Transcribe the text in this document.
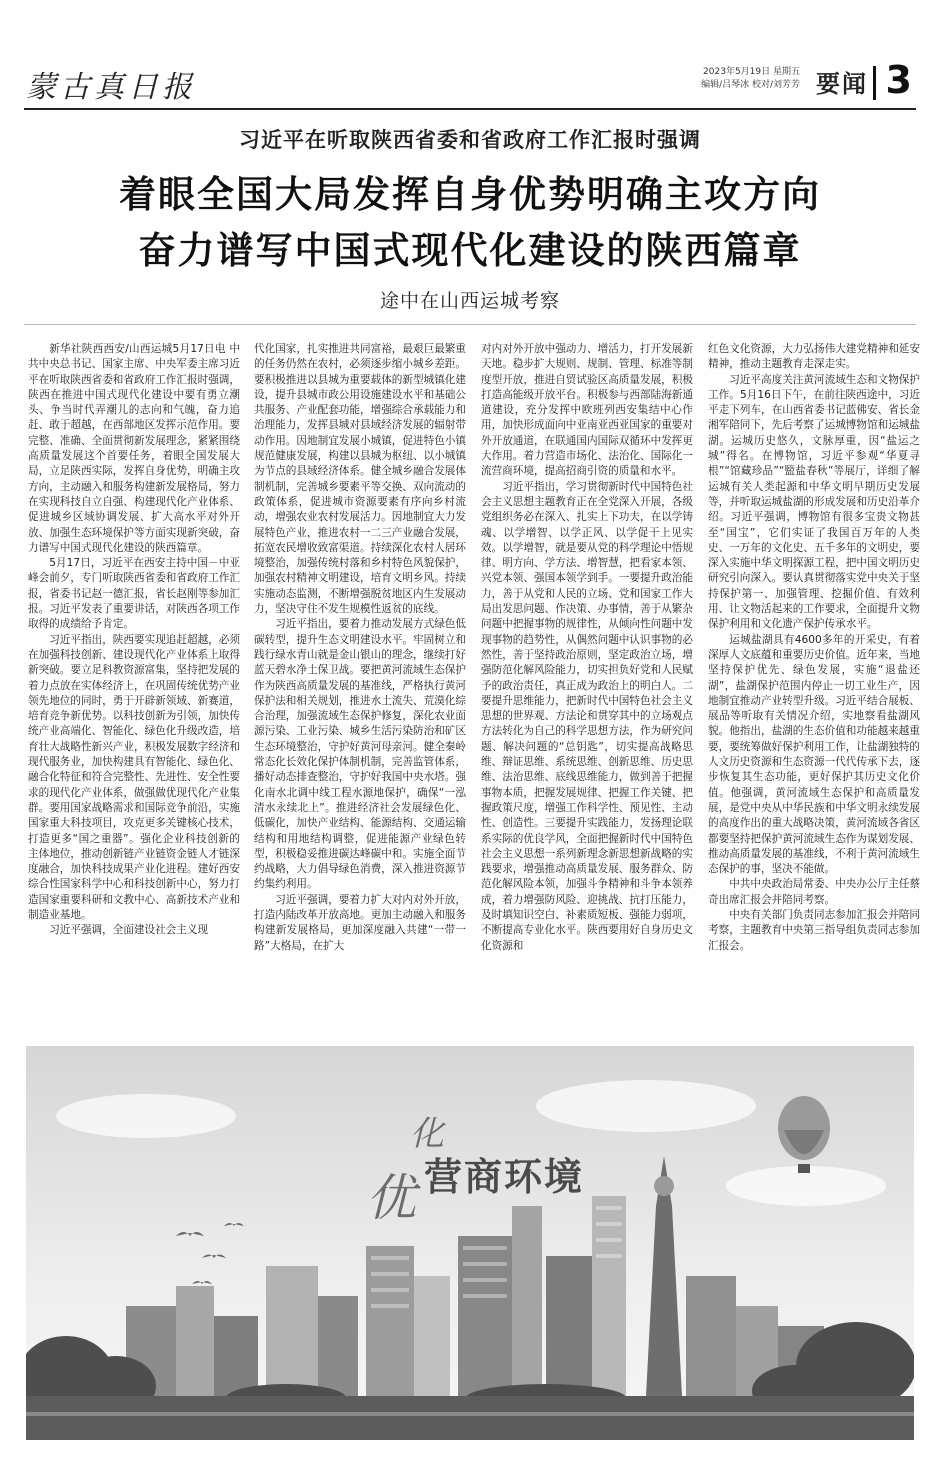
蒙古真日报	2023年5月19日 星期五
编辑/吕琴冰 校对/刘芳芳 要闻 3
习近平在听取陕西省委和省政府工作汇报时强调
着眼全国大局发挥自身优势明确主攻方向
奋力谱写中国式现代化建设的陕西篇章
途中在山西运城考察

新华社陕西西安/山西运城5月17日电 中共中央总书记、国家主席、中央军委主席习近平在听取陕西省委和省政府工作汇报时强调，陕西在推进中国式现代化建设中要有勇立潮头、争当时代弄潮儿的志向和气魄，奋力追赶、敢于超越，在西部地区发挥示范作用。要完整、准确、全面贯彻新发展理念，紧紧围绕高质量发展这个首要任务，着眼全国发展大局，立足陕西实际，发挥自身优势，明确主攻方向，主动融入和服务构建新发展格局，努力在实现科技自立自强、构建现代化产业体系、促进城乡区域协调发展、扩大高水平对外开放、加强生态环境保护等方面实现新突破，奋力谱写中国式现代化建设的陕西篇章。

5月17日，习近平在西安主持中国－中亚峰会前夕，专门听取陕西省委和省政府工作汇报，省委书记赵一德汇报，省长赵刚等参加汇报。习近平发表了重要讲话，对陕西各项工作取得的成绩给予肯定。

习近平指出，陕西要实现追赶超越，必须在加强科技创新、建设现代化产业体系上取得新突破。要立足科教资源富集，坚持把发展的着力点放在实体经济上，在巩固传统优势产业领先地位的同时，勇于开辟新领域、新赛道，培育竞争新优势。以科技创新为引领，加快传统产业高端化、智能化、绿色化升级改造，培育壮大战略性新兴产业，积极发展数字经济和现代服务业，加快构建具有智能化、绿色化、融合化特征和符合完整性、先进性、安全性要求的现代化产业体系，做强做优现代化产业集群。要用国家战略需求和国际竞争前沿，实施国家重大科技项目，攻克更多关键核心技术，打造更多“国之重器”。强化企业科技创新的主体地位，推动创新链产业链资金链人才链深度融合，加快科技成果产业化进程。建好西安综合性国家科学中心和科技创新中心，努力打造国家重要科研和文教中心、高新技术产业和制造业基地。

习近平强调，全面建设社会主义现

代化国家，扎实推进共同富裕，最艰巨最繁重的任务仍然在农村，必须逐步缩小城乡差距。要积极推进以县城为重要载体的新型城镇化建设，提升县城市政公用设施建设水平和基础公共服务、产业配套功能，增强综合承载能力和治理能力，发挥县城对县域经济发展的辐射带动作用。因地制宜发展小城镇，促进特色小镇规范健康发展，构建以县城为枢纽、以小城镇为节点的县域经济体系。健全城乡融合发展体制机制，完善城乡要素平等交换、双向流动的政策体系，促进城市资源要素有序向乡村流动，增强农业农村发展活力。因地制宜大力发展特色产业，推进农村一二三产业融合发展，拓宽农民增收致富渠道。持续深化农村人居环境整治，加强传统村落和乡村特色风貌保护，加强农村精神文明建设，培育文明乡风。持续实施动态监测，不断增强脱贫地区内生发展动力，坚决守住不发生规模性返贫的底线。

习近平指出，要着力推动发展方式绿色低碳转型，提升生态文明建设水平。牢固树立和践行绿水青山就是金山银山的理念，继续打好蓝天碧水净土保卫战。要把黄河流域生态保护作为陕西高质量发展的基准线，严格执行黄河保护法和相关规划，推进水土流失、荒漠化综合治理，加强流域生态保护修复，深化农业面源污染、工业污染、城乡生活污染防治和矿区生态环境整治，守护好黄河母亲河。健全秦岭常态化长效化保护体制机制，完善监管体系，播好动态排查整治，守护好我国中央水塔。强化南水北调中线工程水源地保护，确保“一泓清水永续北上”。推进经济社会发展绿色化、低碳化，加快产业结构、能源结构、交通运输结构和用地结构调整，促进能源产业绿色转型，积极稳妥推进碳达峰碳中和。实施全面节约战略，大力倡导绿色消费，深入推进资源节约集约利用。

习近平强调，要着力扩大对内对外开放，打造内陆改革开放高地。更加主动融入和服务构建新发展格局，更加深度融入共建“一带一路”大格局，在扩大

对内对外开放中强动力、增活力，打开发展新天地。稳步扩大规则、规制、管理、标准等制度型开放，推进自贸试验区高质量发展，积极打造高能级开放平台。积极参与西部陆海新通道建设，充分发挥中欧班列西安集结中心作用，加快形成面向中亚南亚西亚国家的重要对外开放通道，在联通国内国际双循环中发挥更大作用。着力营造市场化、法治化、国际化一流营商环境，提高招商引资的质量和水平。

习近平指出，学习贯彻新时代中国特色社会主义思想主题教育正在全党深入开展，各级党组织务必在深入、扎实上下功夫，在以学铸魂、以学增智、以学正风、以学促干上见实效。以学增智，就是要从党的科学理论中悟规律、明方向、学方法、增智慧，把看家本领、兴党本领、强国本领学到手。一要提升政治能力，善于从党和人民的立场、党和国家工作大局出发思问题、作决策、办事情，善于从繁杂问题中把握事物的规律性，从倾向性问题中发现事物的趋势性，从偶然问题中认识事物的必然性，善于坚持政治原则，坚定政治立场，增强防范化解风险能力，切实担负好党和人民赋予的政治责任，真正成为政治上的明白人。二要提升思维能力，把新时代中国特色社会主义思想的世界观、方法论和贯穿其中的立场观点方法转化为自己的科学思想方法，作为研究问题、解决问题的“总钥匙”，切实提高战略思维、辩证思维、系统思维、创新思维、历史思维、法治思维、底线思维能力，做到善于把握事物本质，把握发展规律、把握工作关键、把握政策尺度，增强工作科学性、预见性、主动性、创造性。三要提升实践能力，发扬理论联系实际的优良学风，全面把握新时代中国特色社会主义思想一系列新理念新思想新战略的实践要求，增强推动高质量发展、服务群众、防范化解风险本领，加强斗争精神和斗争本领养成，着力增强防风险、迎挑战、抗打压能力，及时填知识空白、补素质短板、强能力弱项，不断提高专业化水平。陕西要用好自身历史文化资源和

红色文化资源，大力弘扬伟大建党精神和延安精神，推动主题教育走深走实。

习近平高度关注黄河流域生态和文物保护工作。5月16日下午，在前往陕西途中，习近平走下列车，在山西省委书记蓝佛安、省长金湘军陪同下，先后考察了运城博物馆和运城盐湖。运城历史悠久，文脉厚重，因“盐运之城”得名。在博物馆，习近平参观“华夏寻根”“馆藏珍品”“盬盐春秋”等展厅，详细了解运城有关人类起源和中华文明早期历史发展等，并听取运城盐湖的形成发展和历史沿革介绍。习近平强调，博物馆有很多宝贵文物甚至“国宝”，它们实证了我国百万年的人类史、一万年的文化史、五千多年的文明史，要深入实施中华文明探源工程，把中国文明历史研究引向深入。要认真贯彻落实党中央关于坚持保护第一、加强管理、挖掘价值、有效利用、让文物活起来的工作要求，全面提升文物保护利用和文化遗产保护传承水平。

运城盐湖具有4600多年的开采史，有着深厚人文底蕴和重要历史价值。近年来，当地坚持保护优先、绿色发展，实施“退盐还湖”，盐湖保护范围内停止一切工业生产，因地制宜推动产业转型升级。习近平结合展板、展品等听取有关情况介绍，实地察看盐湖风貌。他指出，盐湖的生态价值和功能越来越重要，要统筹做好保护利用工作，让盐湖独特的人文历史资源和生态资源一代代传承下去，逐步恢复其生态功能，更好保护其历史文化价值。他强调，黄河流域生态保护和高质量发展，是党中央从中华民族和中华文明永续发展的高度作出的重大战略决策，黄河流域各省区都要坚持把保护黄河流域生态作为谋划发展、推动高质量发展的基准线，不利于黄河流域生态保护的事，坚决不能做。

中共中央政治局常委、中央办公厅主任蔡奇出席汇报会并陪同考察。

中央有关部门负责同志参加汇报会并陪同考察，主题教育中央第三指导组负责同志参加汇报会。

化
优 营商环境
